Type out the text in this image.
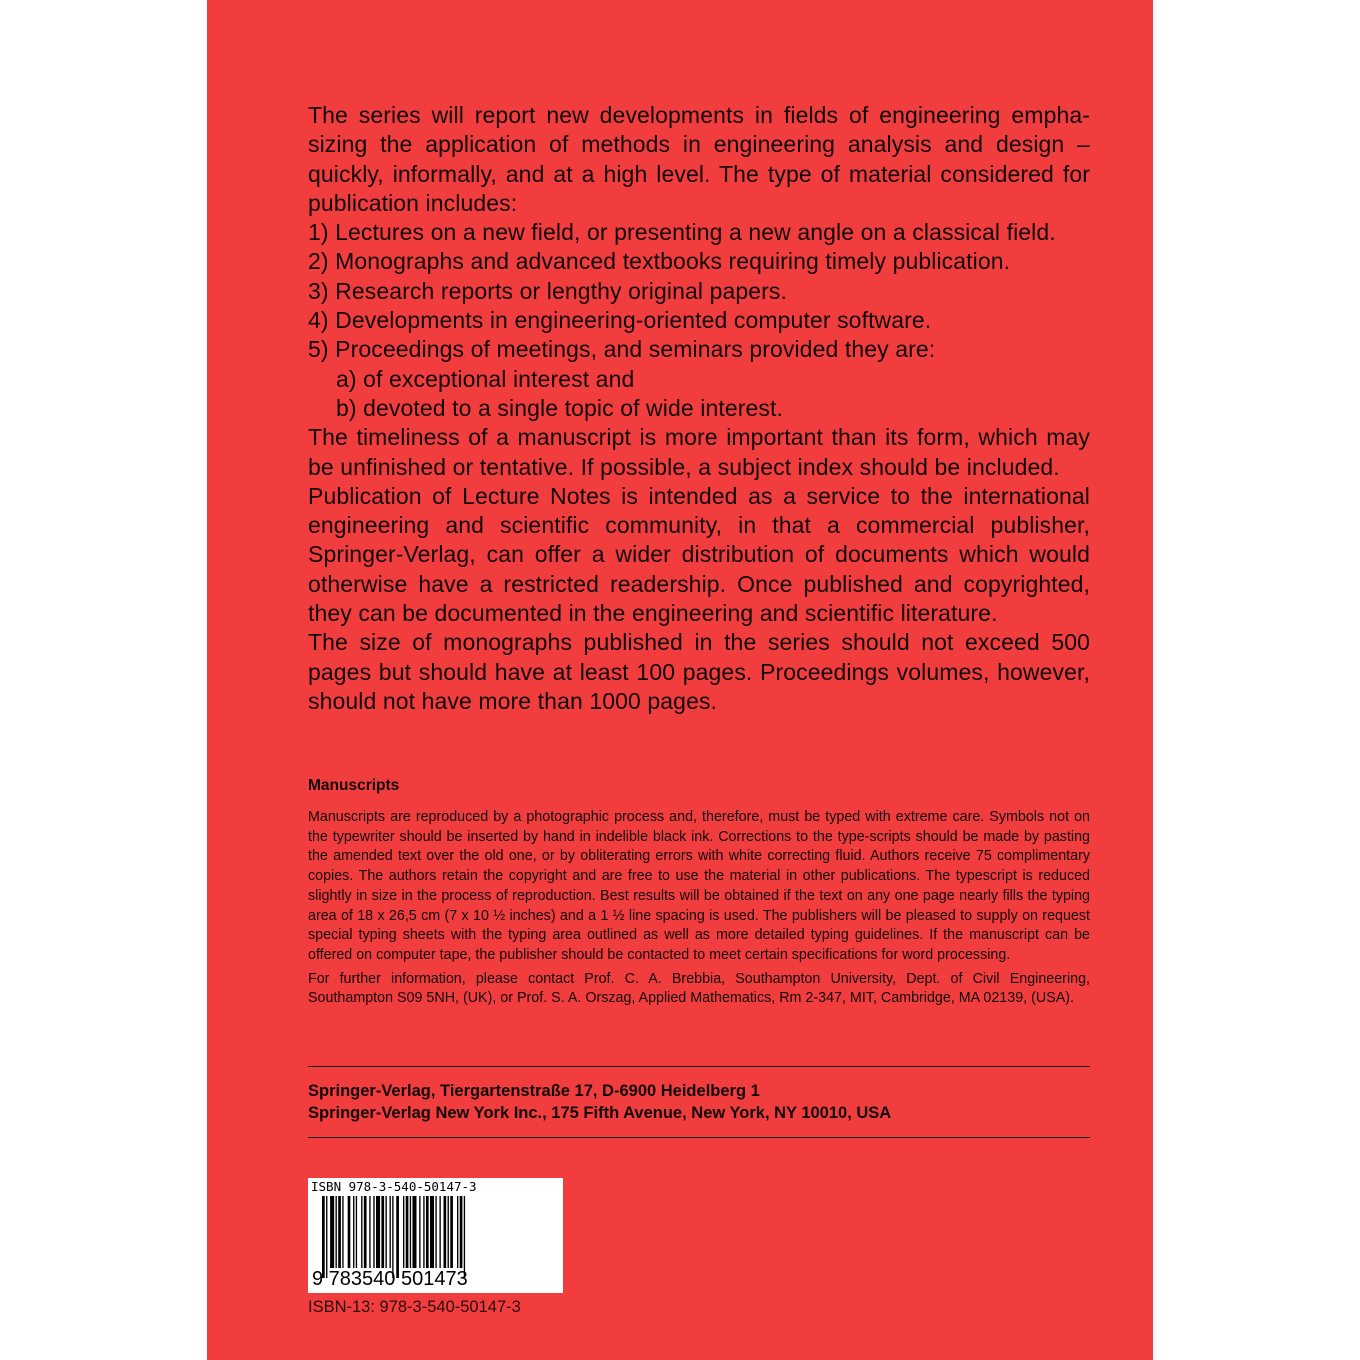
The series will report new developments in fields of engineering empha-sizing the application of methods in engineering analysis and design – quickly, informally, and at a high level. The type of material considered for publication includes:

1) Lectures on a new field, or presenting a new angle on a classical field.

2) Monographs and advanced textbooks requiring timely publication.

3) Research reports or lengthy original papers.

4) Developments in engineering-oriented computer software.

5) Proceedings of meetings, and seminars provided they are:

a) of exceptional interest and

b) devoted to a single topic of wide interest.

The timeliness of a manuscript is more important than its form, which may be unfinished or tentative. If possible, a subject index should be included.

Publication of Lecture Notes is intended as a service to the international engineering and scientific community, in that a commercial publisher, Springer-Verlag, can offer a wider distribution of documents which would otherwise have a restricted readership. Once published and copyrighted, they can be documented in the engineering and scientific literature.

The size of monographs published in the series should not exceed 500 pages but should have at least 100 pages. Proceedings volumes, however, should not have more than 1000 pages.

Manuscripts

Manuscripts are reproduced by a photographic process and, therefore, must be typed with extreme care. Symbols not on the typewriter should be inserted by hand in indelible black ink. Corrections to the type-scripts should be made by pasting the amended text over the old one, or by obliterating errors with white correcting fluid. Authors receive 75 complimentary copies. The authors retain the copyright and are free to use the material in other publications. The typescript is reduced slightly in size in the process of reproduction. Best results will be obtained if the text on any one page nearly fills the typing area of 18 x 26,5 cm (7 x 10 ½ inches) and a 1 ½ line spacing is used. The publishers will be pleased to supply on request special typing sheets with the typing area outlined as well as more detailed typing guidelines. If the manuscript can be offered on computer tape, the publisher should be contacted to meet certain specifications for word processing.

For further information, please contact Prof. C. A. Brebbia, Southampton University, Dept. of Civil Engineering, Southampton S09 5NH, (UK), or Prof. S. A. Orszag, Applied Mathematics, Rm 2-347, MIT, Cambridge, MA 02139, (USA).

Springer-Verlag, Tiergartenstraße 17, D-6900 Heidelberg 1
Springer-Verlag New York Inc., 175 Fifth Avenue, New York, NY 10010, USA
ISBN 978-3-540-50147-3
9 783540 501473
ISBN-13: 978-3-540-50147-3
